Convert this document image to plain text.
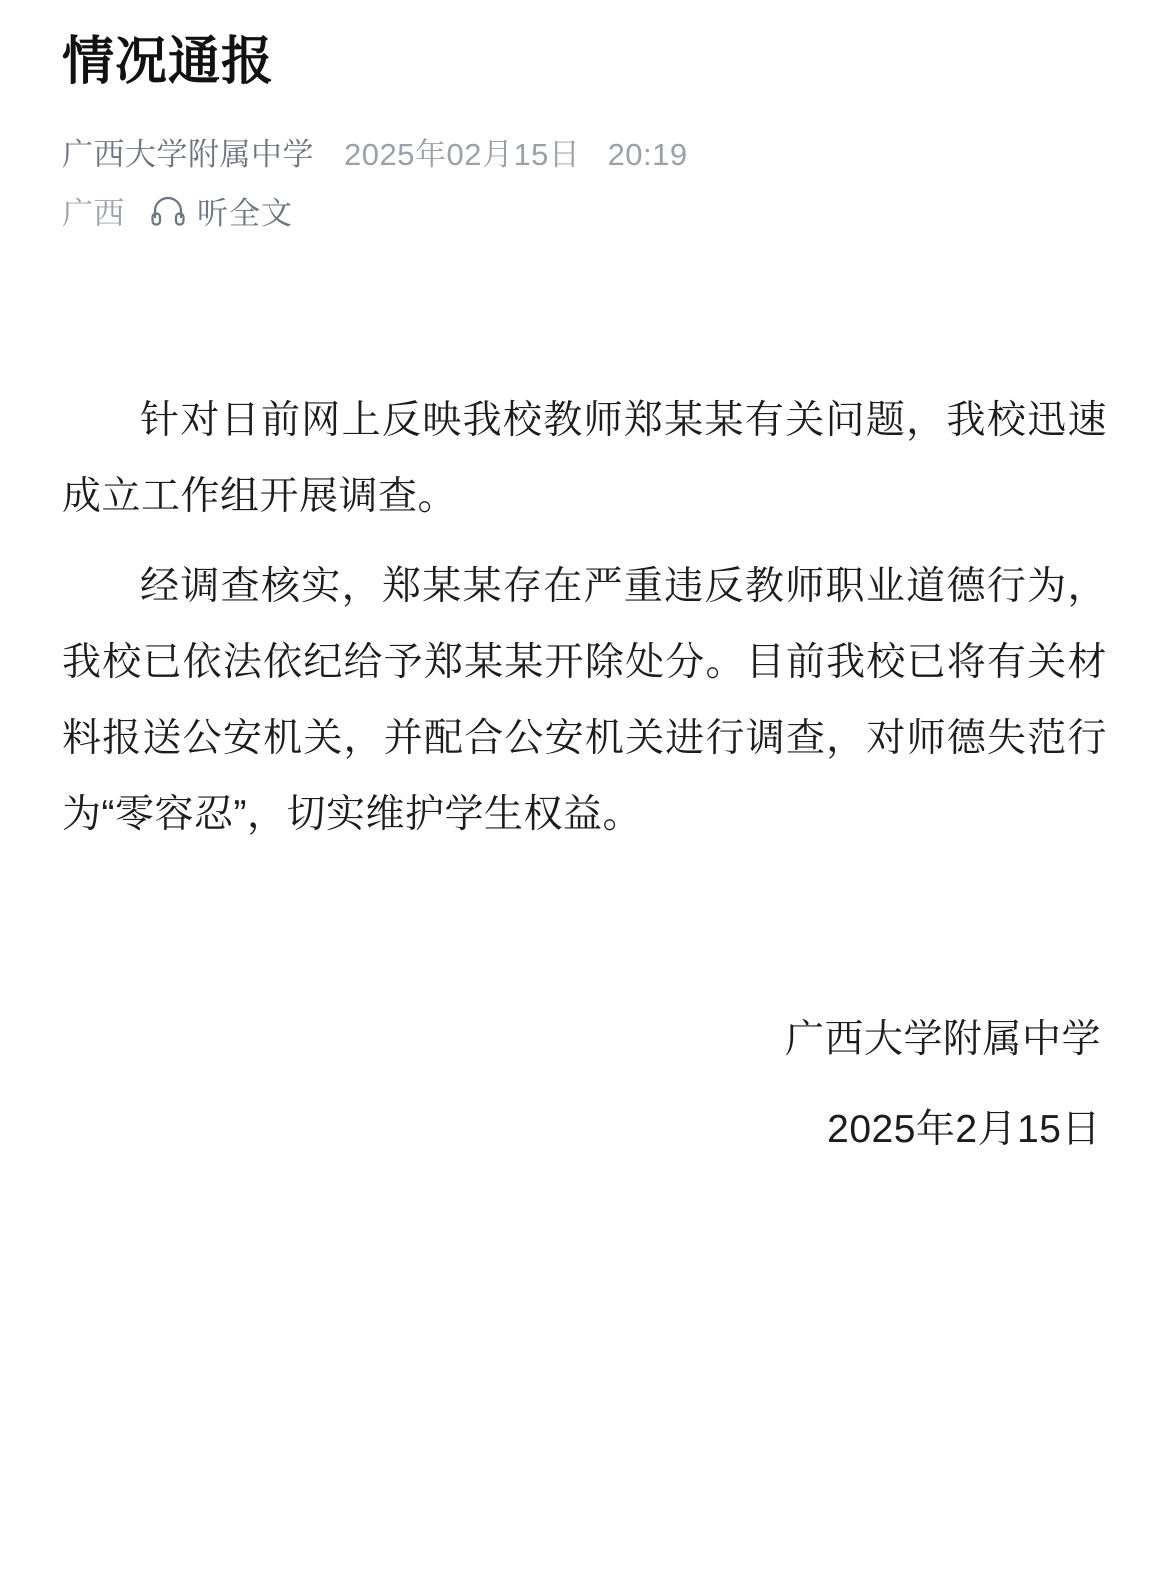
情况通报
广西大学附属中学 2025年02月15日 20:19
广西 听全文

针对日前网上反映我校教师郑某某有关问题，我校迅速成立工作组开展调查。

经调查核实，郑某某存在严重违反教师职业道德行为，我校已依法依纪给予郑某某开除处分。目前我校已将有关材料报送公安机关，并配合公安机关进行调查，对师德失范行为“零容忍”，切实维护学生权益。

广西大学附属中学
2025年2月15日
